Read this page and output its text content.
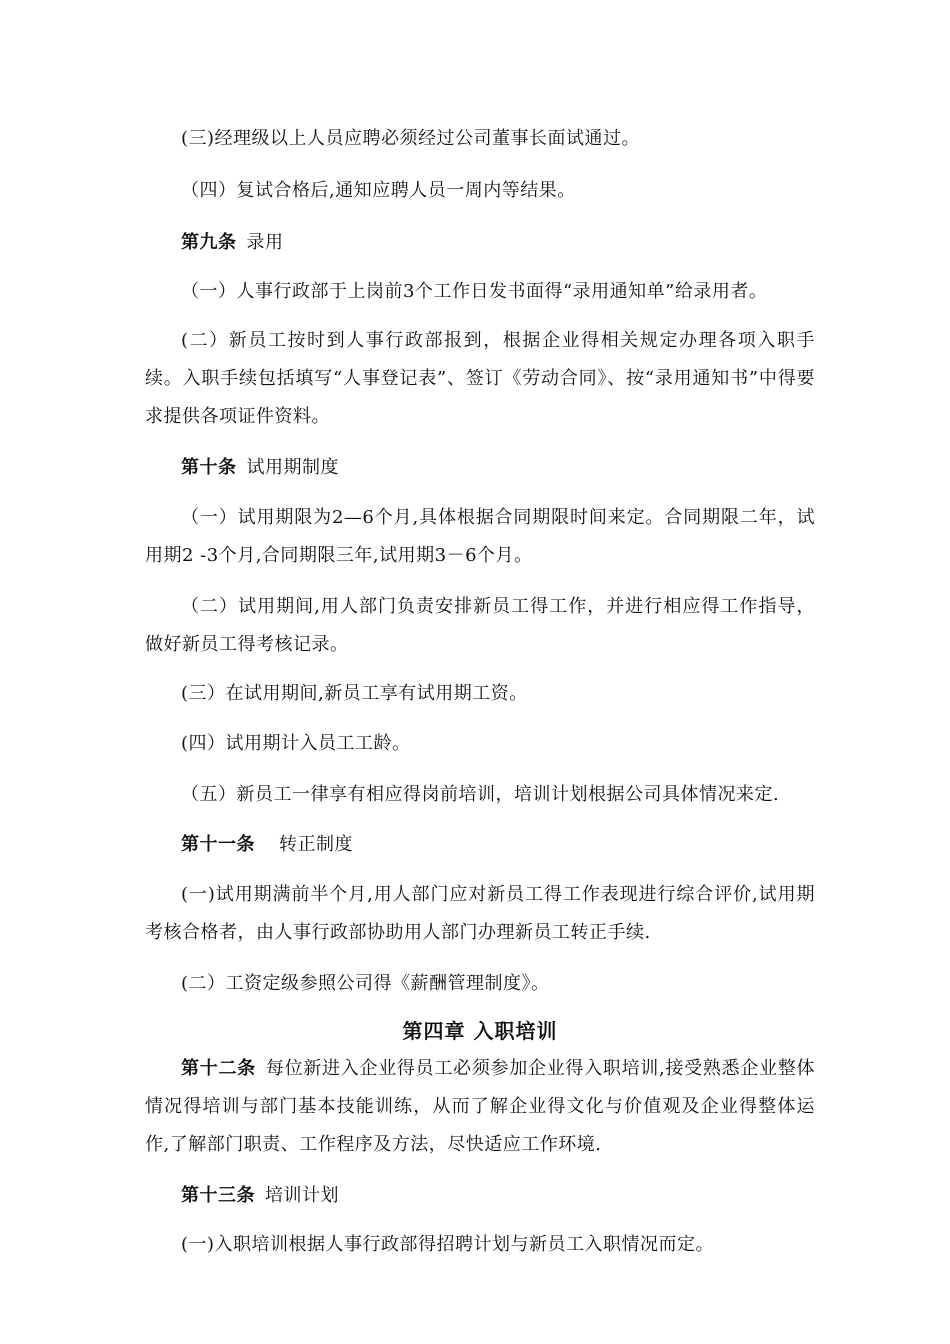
(三)经理级以上人员应聘必须经过公司董事长面试通过。

（四）复试合格后,通知应聘人员一周内等结果。

第九条 录用

（一）人事行政部于上岗前3个工作日发书面得“录用通知单”给录用者。

(二）新员工按时到人事行政部报到，根据企业得相关规定办理各项入职手续。入职手续包括填写“人事登记表”、签订《劳动合同》、按“录用通知书”中得要求提供各项证件资料。

第十条 试用期制度

（一）试用期限为2—6个月,具体根据合同期限时间来定。合同期限二年，试用期2 -3个月,合同期限三年,试用期3－6个月。

（二）试用期间,用人部门负责安排新员工得工作，并进行相应得工作指导，做好新员工得考核记录。

(三）在试用期间,新员工享有试用期工资。

(四）试用期计入员工工龄。

（五）新员工一律享有相应得岗前培训，培训计划根据公司具体情况来定.

第十一条 转正制度

(一)试用期满前半个月,用人部门应对新员工得工作表现进行综合评价,试用期考核合格者，由人事行政部协助用人部门办理新员工转正手续.

(二）工资定级参照公司得《薪酬管理制度》。

第四章 入职培训

第十二条 每位新进入企业得员工必须参加企业得入职培训,接受熟悉企业整体情况得培训与部门基本技能训练，从而了解企业得文化与价值观及企业得整体运作,了解部门职责、工作程序及方法，尽快适应工作环境.

第十三条 培训计划

(一)入职培训根据人事行政部得招聘计划与新员工入职情况而定。
